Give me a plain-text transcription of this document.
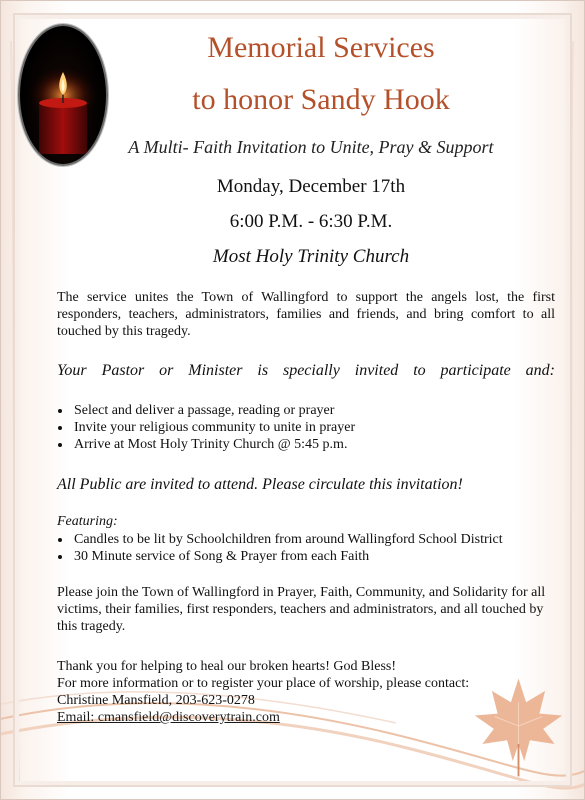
Memorial Services
to honor Sandy Hook
A Multi- Faith Invitation to Unite, Pray & Support
Monday, December 17th
6:00 P.M. - 6:30 P.M.
Most Holy Trinity Church
The service unites the Town of Wallingford to support the angels lost, the first responders, teachers, administrators, families and friends, and bring comfort to all touched by this tragedy.
Your Pastor or Minister is specially invited to participate and:
Select and deliver a passage, reading or prayer
Invite your religious community to unite in prayer
Arrive at Most Holy Trinity Church @ 5:45 p.m.
All Public are invited to attend. Please circulate this invitation!
Featuring:
Candles to be lit by Schoolchildren from around Wallingford School District
30 Minute service of Song & Prayer from each Faith
Please join the Town of Wallingford in Prayer, Faith, Community, and Solidarity for all victims, their families, first responders, teachers and administrators, and all touched by this tragedy.
Thank you for helping to heal our broken hearts! God Bless!
For more information or to register your place of worship, please contact:
Christine Mansfield, 203-623-0278
Email: cmansfield@discoverytrain.com
